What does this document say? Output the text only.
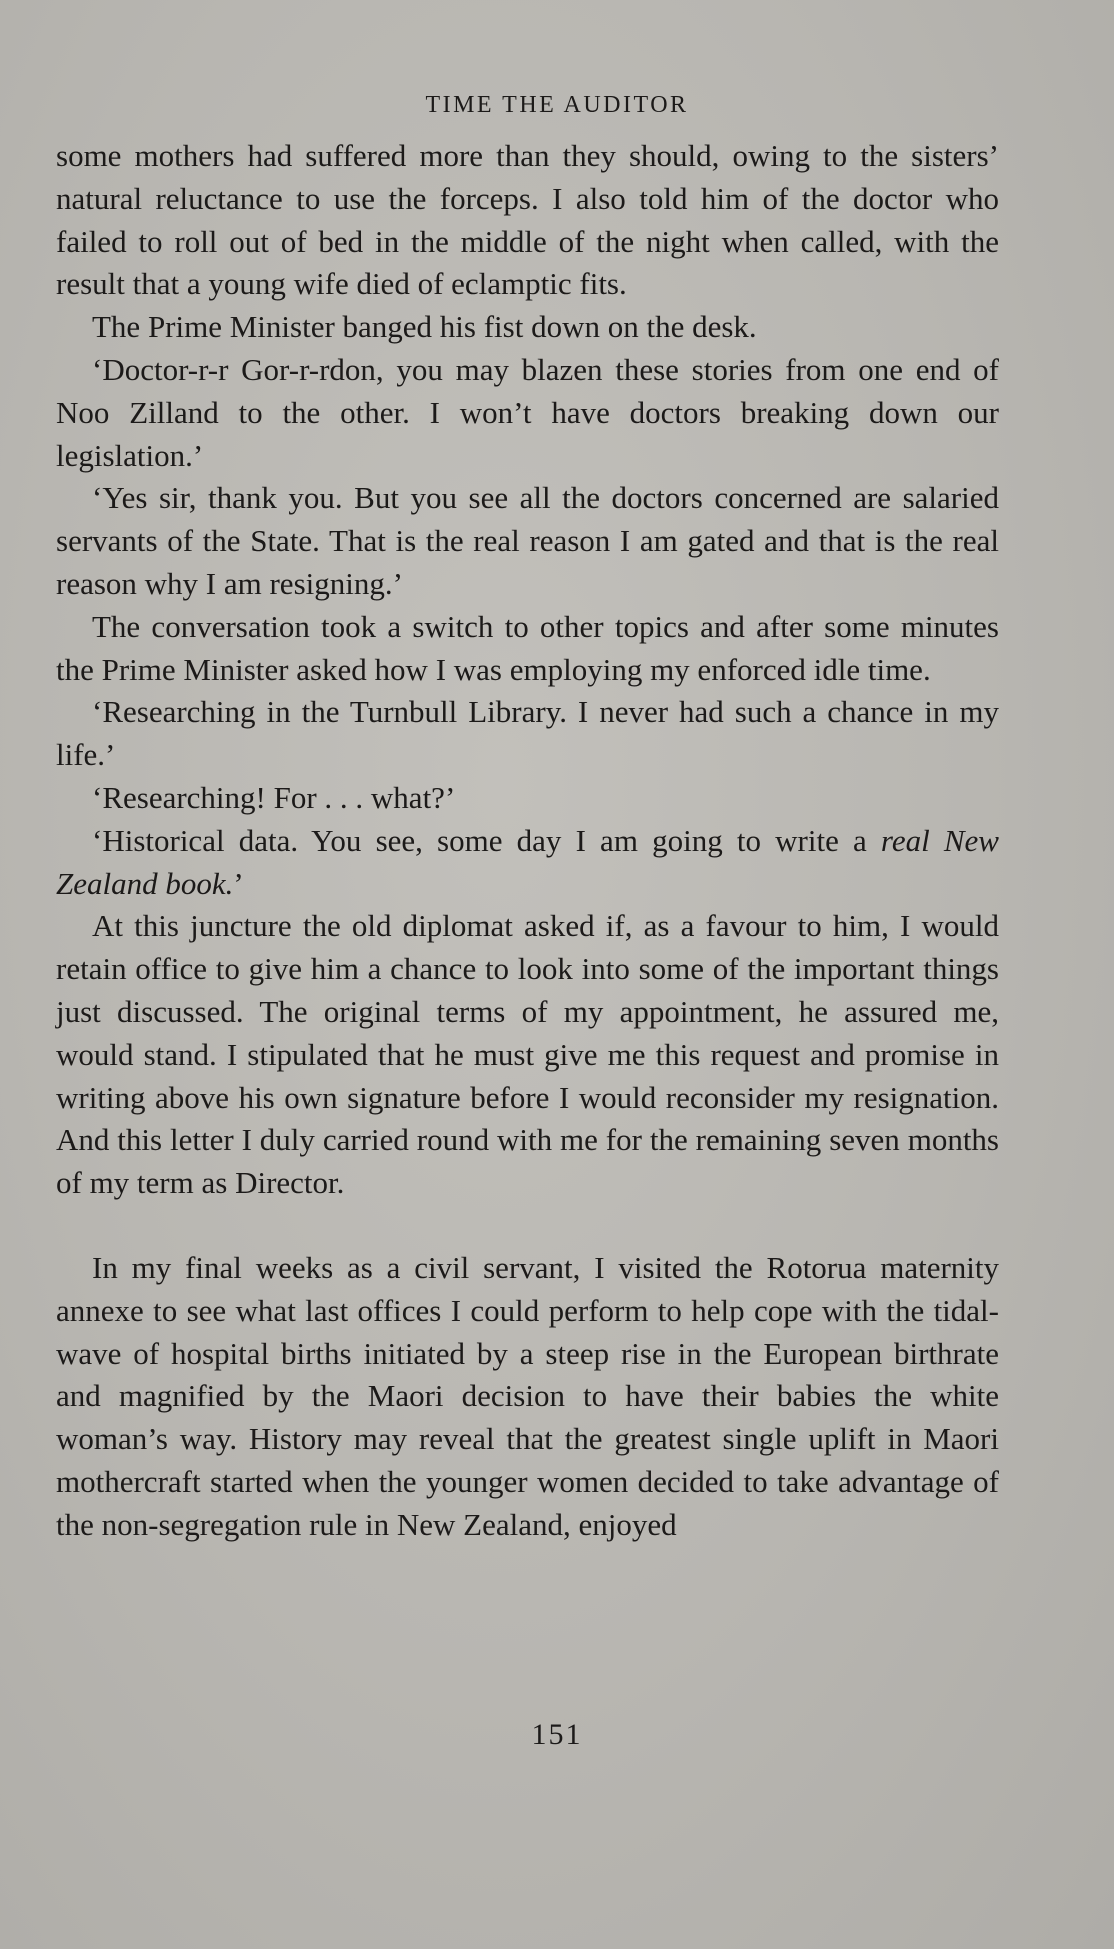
TIME THE AUDITOR

some mothers had suffered more than they should, owing to the sisters’ natural reluctance to use the forceps. I also told him of the doctor who failed to roll out of bed in the middle of the night when called, with the result that a young wife died of eclamptic fits.

The Prime Minister banged his fist down on the desk.

‘Doctor-r-r Gor-r-rdon, you may blazen these stories from one end of Noo Zilland to the other. I won’t have doctors breaking down our legislation.’

‘Yes sir, thank you. But you see all the doctors concerned are salaried servants of the State. That is the real reason I am gated and that is the real reason why I am resigning.’

The conversation took a switch to other topics and after some minutes the Prime Minister asked how I was employing my enforced idle time.

‘Researching in the Turnbull Library. I never had such a chance in my life.’

‘Researching! For . . . what?’

‘Historical data. You see, some day I am going to write a real New Zealand book.’

At this juncture the old diplomat asked if, as a favour to him, I would retain office to give him a chance to look into some of the important things just discussed. The original terms of my appointment, he assured me, would stand. I stipulated that he must give me this request and promise in writing above his own signature before I would reconsider my resignation. And this letter I duly carried round with me for the remaining seven months of my term as Director.

In my final weeks as a civil servant, I visited the Rotorua maternity annexe to see what last offices I could perform to help cope with the tidal-wave of hospital births initiated by a steep rise in the European birthrate and magnified by the Maori decision to have their babies the white woman’s way. History may reveal that the greatest single uplift in Maori mothercraft started when the younger women decided to take advantage of the non-segregation rule in New Zealand, enjoyed

151
